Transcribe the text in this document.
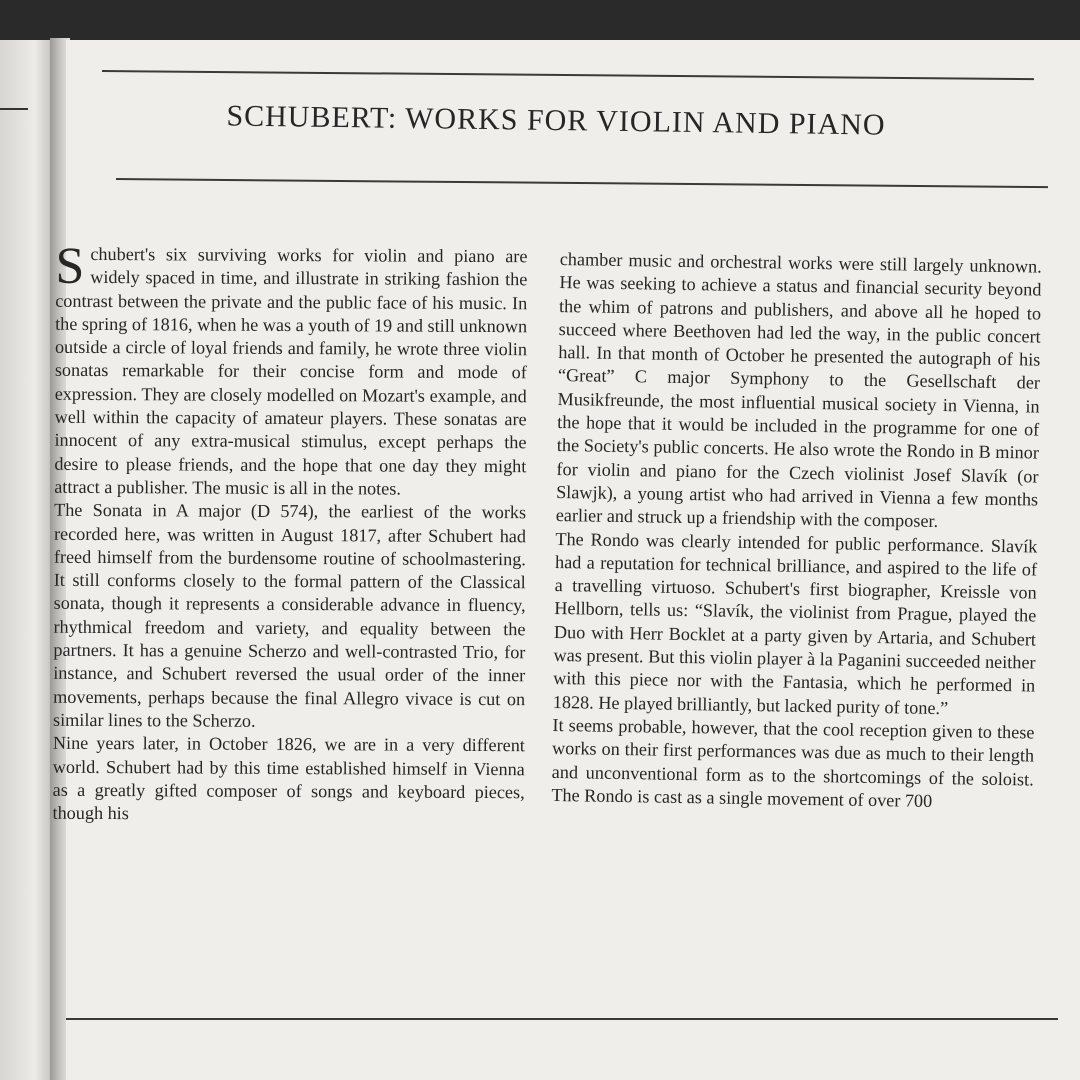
SCHUBERT: WORKS FOR VIOLIN AND PIANO

Schubert's six surviving works for violin and piano are widely spaced in time, and illustrate in striking fashion the contrast between the private and the public face of his music. In the spring of 1816, when he was a youth of 19 and still unknown outside a circle of loyal friends and family, he wrote three violin sonatas remarkable for their concise form and mode of expression. They are closely modelled on Mozart's example, and well within the capacity of amateur players. These sonatas are innocent of any extra-musical stimulus, except perhaps the desire to please friends, and the hope that one day they might attract a publisher. The music is all in the notes.

The Sonata in A major (D 574), the earliest of the works recorded here, was written in August 1817, after Schubert had freed himself from the burdensome routine of schoolmastering. It still conforms closely to the formal pattern of the Classical sonata, though it represents a considerable advance in fluency, rhythmical freedom and variety, and equality between the partners. It has a genuine Scherzo and well-contrasted Trio, for instance, and Schubert reversed the usual order of the inner movements, perhaps because the final Allegro vivace is cut on similar lines to the Scherzo.

Nine years later, in October 1826, we are in a very different world. Schubert had by this time established himself in Vienna as a greatly gifted composer of songs and keyboard pieces, though his

chamber music and orchestral works were still largely unknown. He was seeking to achieve a status and financial security beyond the whim of patrons and publishers, and above all he hoped to succeed where Beethoven had led the way, in the public concert hall. In that month of October he presented the autograph of his “Great” C major Symphony to the Gesellschaft der Musikfreunde, the most influential musical society in Vienna, in the hope that it would be included in the programme for one of the Society's public concerts. He also wrote the Rondo in B minor for violin and piano for the Czech violinist Josef Slavík (or Slawjk), a young artist who had arrived in Vienna a few months earlier and struck up a friendship with the composer.

The Rondo was clearly intended for public performance. Slavík had a reputation for technical brilliance, and aspired to the life of a travelling virtuoso. Schubert's first biographer, Kreissle von Hellborn, tells us: “Slavík, the violinist from Prague, played the Duo with Herr Bocklet at a party given by Artaria, and Schubert was present. But this violin player à la Paganini succeeded neither with this piece nor with the Fantasia, which he performed in 1828. He played brilliantly, but lacked purity of tone.”

It seems probable, however, that the cool reception given to these works on their first performances was due as much to their length and unconventional form as to the shortcomings of the soloist. The Rondo is cast as a single movement of over 700
